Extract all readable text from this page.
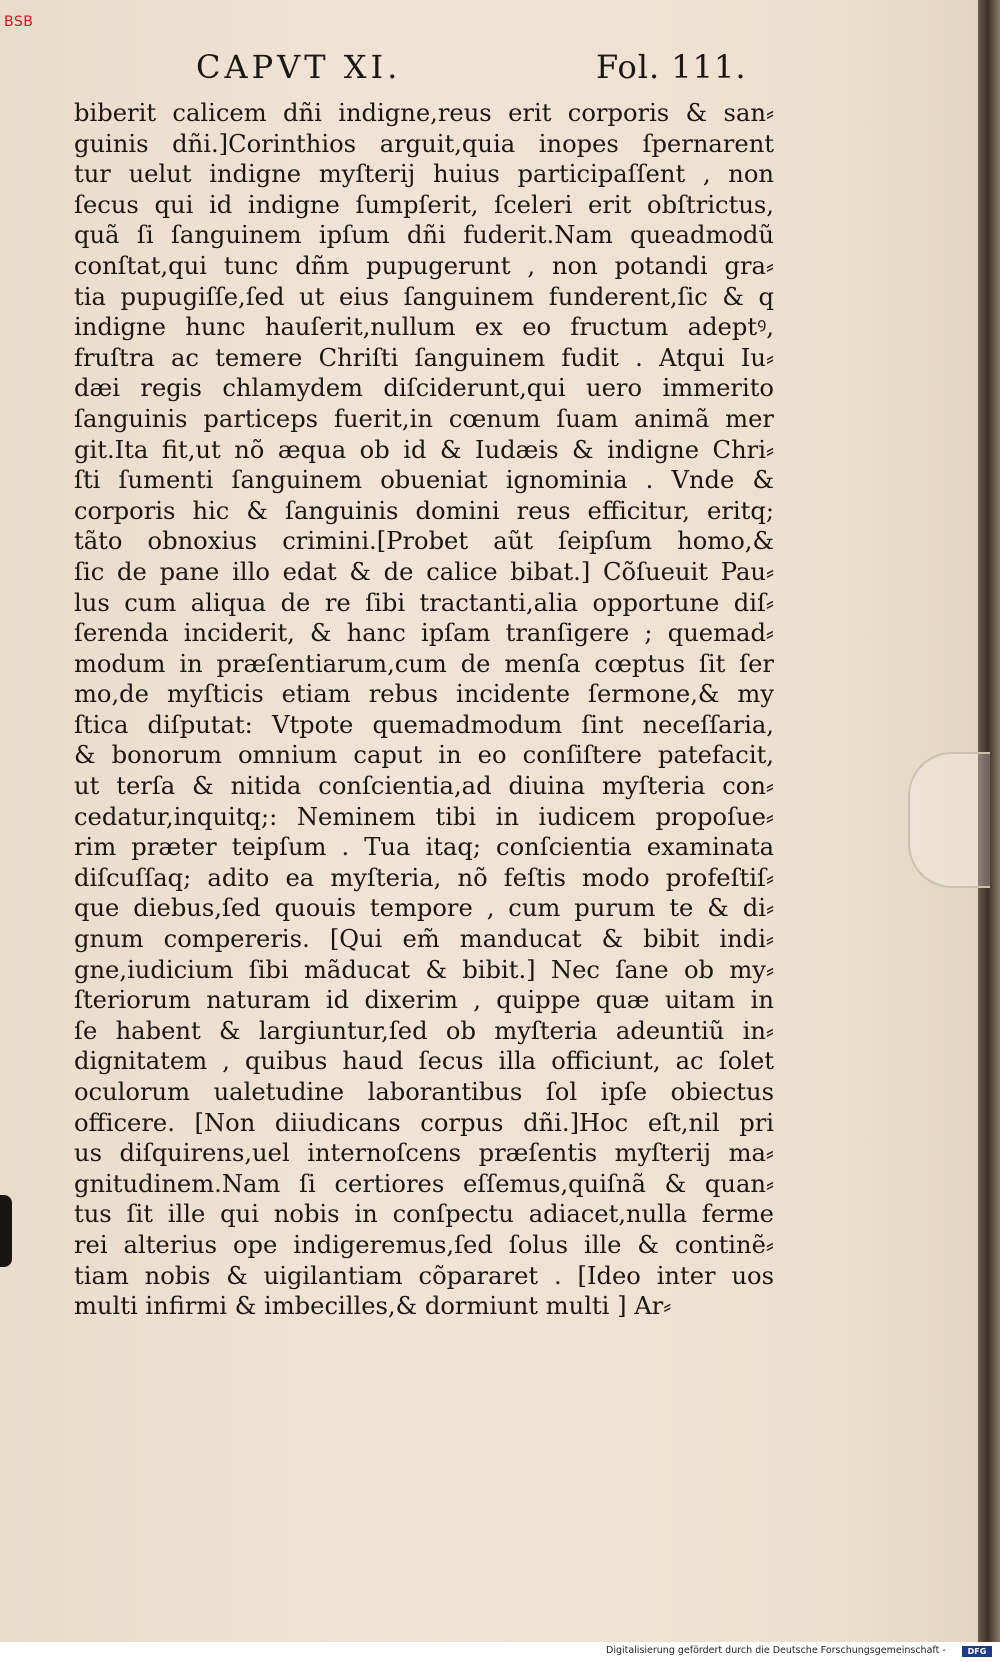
BSB
CAPVT XI.	Fol. 111.
biberit calicem dñi indigne,reus erit corporis & san⸗
guinis dñi.]Corinthios arguit,quia inopes ſpernarent
tur uelut indigne myſterij huius participaſſent , non
ſecus qui id indigne ſumpſerit, ſceleri erit obſtrictus,
quã ſi ſanguinem ipſum dñi fuderit.Nam queadmodũ
conſtat,qui tunc dñm pupugerunt , non potandi gra⸗
tia pupugiſſe,ſed ut eius ſanguinem funderent,ſic & q
indigne hunc hauſerit,nullum ex eo fructum adeptꝰ,
fruſtra ac temere Chriſti ſanguinem fudit . Atqui Iu⸗
dæi regis chlamydem diſciderunt,qui uero immerito
ſanguinis particeps fuerit,in cœnum ſuam animã mer
git.Ita fit,ut nõ æqua ob id & Iudæis & indigne Chri⸗
ſti ſumenti ſanguinem obueniat ignominia . Vnde &
corporis hic & ſanguinis domini reus efficitur, eritq;
tãto obnoxius crimini.[Probet aũt ſeipſum homo,&
ſic de pane illo edat & de calice bibat.] Cõſueuit Pau⸗
lus cum aliqua de re ſibi tractanti,alia opportune diſ⸗
ſerenda inciderit, & hanc ipſam tranſigere ; quemad⸗
modum in præſentiarum,cum de menſa cœptus ſit ſer
mo,de myſticis etiam rebus incidente ſermone,& my
ſtica diſputat: Vtpote quemadmodum ſint neceſſaria,
& bonorum omnium caput in eo conſiſtere patefacit,
ut terſa & nitida conſcientia,ad diuina myſteria con⸗
cedatur,inquitq;: Neminem tibi in iudicem propoſue⸗
rim præter teipſum . Tua itaq; conſcientia examinata
diſcuſſaq; adito ea myſteria, nõ feſtis modo profeſtiſ⸗
que diebus,ſed quouis tempore , cum purum te & di⸗
gnum compereris. [Qui em̃ manducat & bibit indi⸗
gne,iudicium ſibi mãducat & bibit.] Nec ſane ob my⸗
ſteriorum naturam id dixerim , quippe quæ uitam in
ſe habent & largiuntur,ſed ob myſteria adeuntiũ in⸗
dignitatem , quibus haud ſecus illa officiunt, ac ſolet
oculorum ualetudine laborantibus ſol ipſe obiectus
officere. [Non diiudicans corpus dñi.]Hoc eſt,nil pri
us diſquirens,uel internoſcens præſentis myſterij ma⸗
gnitudinem.Nam ſi certiores eſſemus,quiſnã & quan⸗
tus ſit ille qui nobis in conſpectu adiacet,nulla ferme
rei alterius ope indigeremus,ſed ſolus ille & continẽ⸗
tiam nobis & uigilantiam cõpararet . [Ideo inter uos
multi infirmi & imbecilles,& dormiunt multi ] Ar⸗
Digitalisierung gefördert durch die Deutsche Forschungsgemeinschaft -	DFG
